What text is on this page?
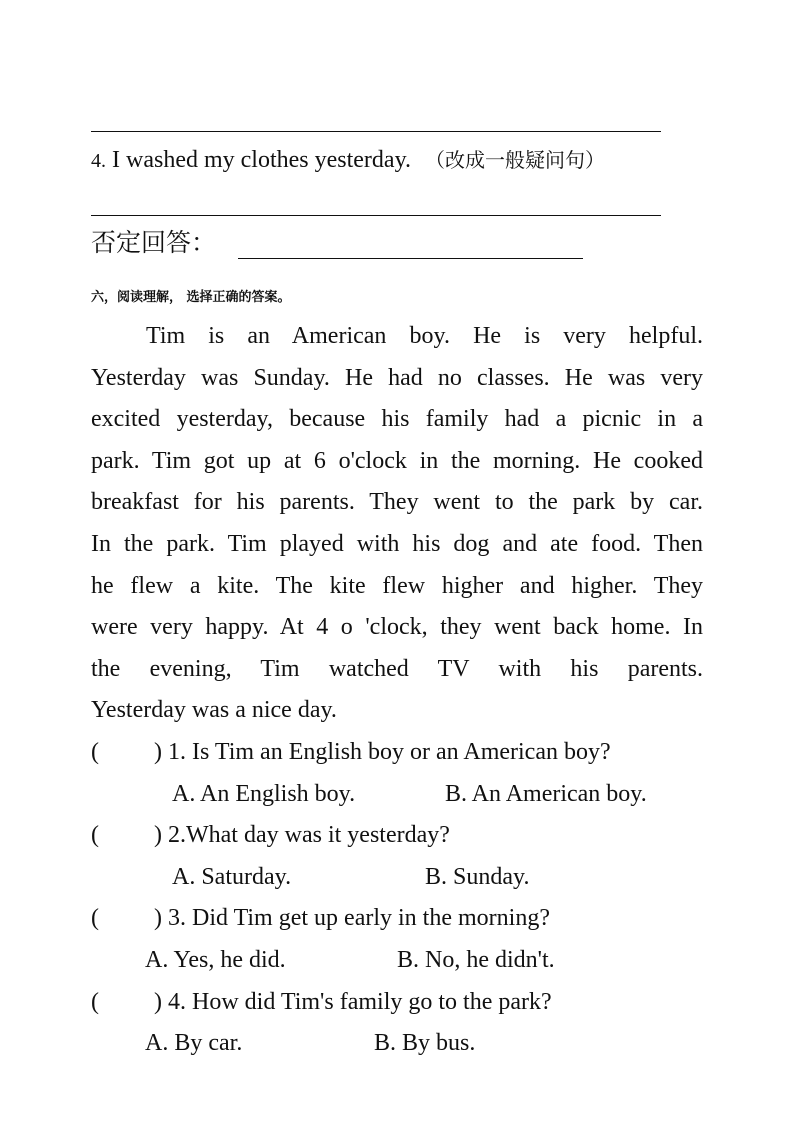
4. I washed my clothes yesterday. （改成一般疑问句）
否定回答：
六，阅读理解， 选择正确的答案。
Tim is an American boy. He is very helpful.
Yesterday was Sunday. He had no classes. He was very
excited yesterday, because his family had a picnic in a
park. Tim got up at 6 o'clock in the morning. He cooked
breakfast for his parents. They went to the park by car.
In the park. Tim played with his dog and ate food. Then
he flew a kite. The kite flew higher and higher. They
were very happy. At 4 o 'clock, they went back home. In
the evening, Tim watched TV with his parents.
Yesterday was a nice day.
( ) 1. Is Tim an English boy or an American boy?
A. An English boy.	B. An American boy.
( ) 2.What day was it yesterday?
A. Saturday.	B. Sunday.
( ) 3. Did Tim get up early in the morning?
A. Yes, he did.	B. No, he didn't.
( ) 4. How did Tim's family go to the park?
A. By car.	B. By bus.
